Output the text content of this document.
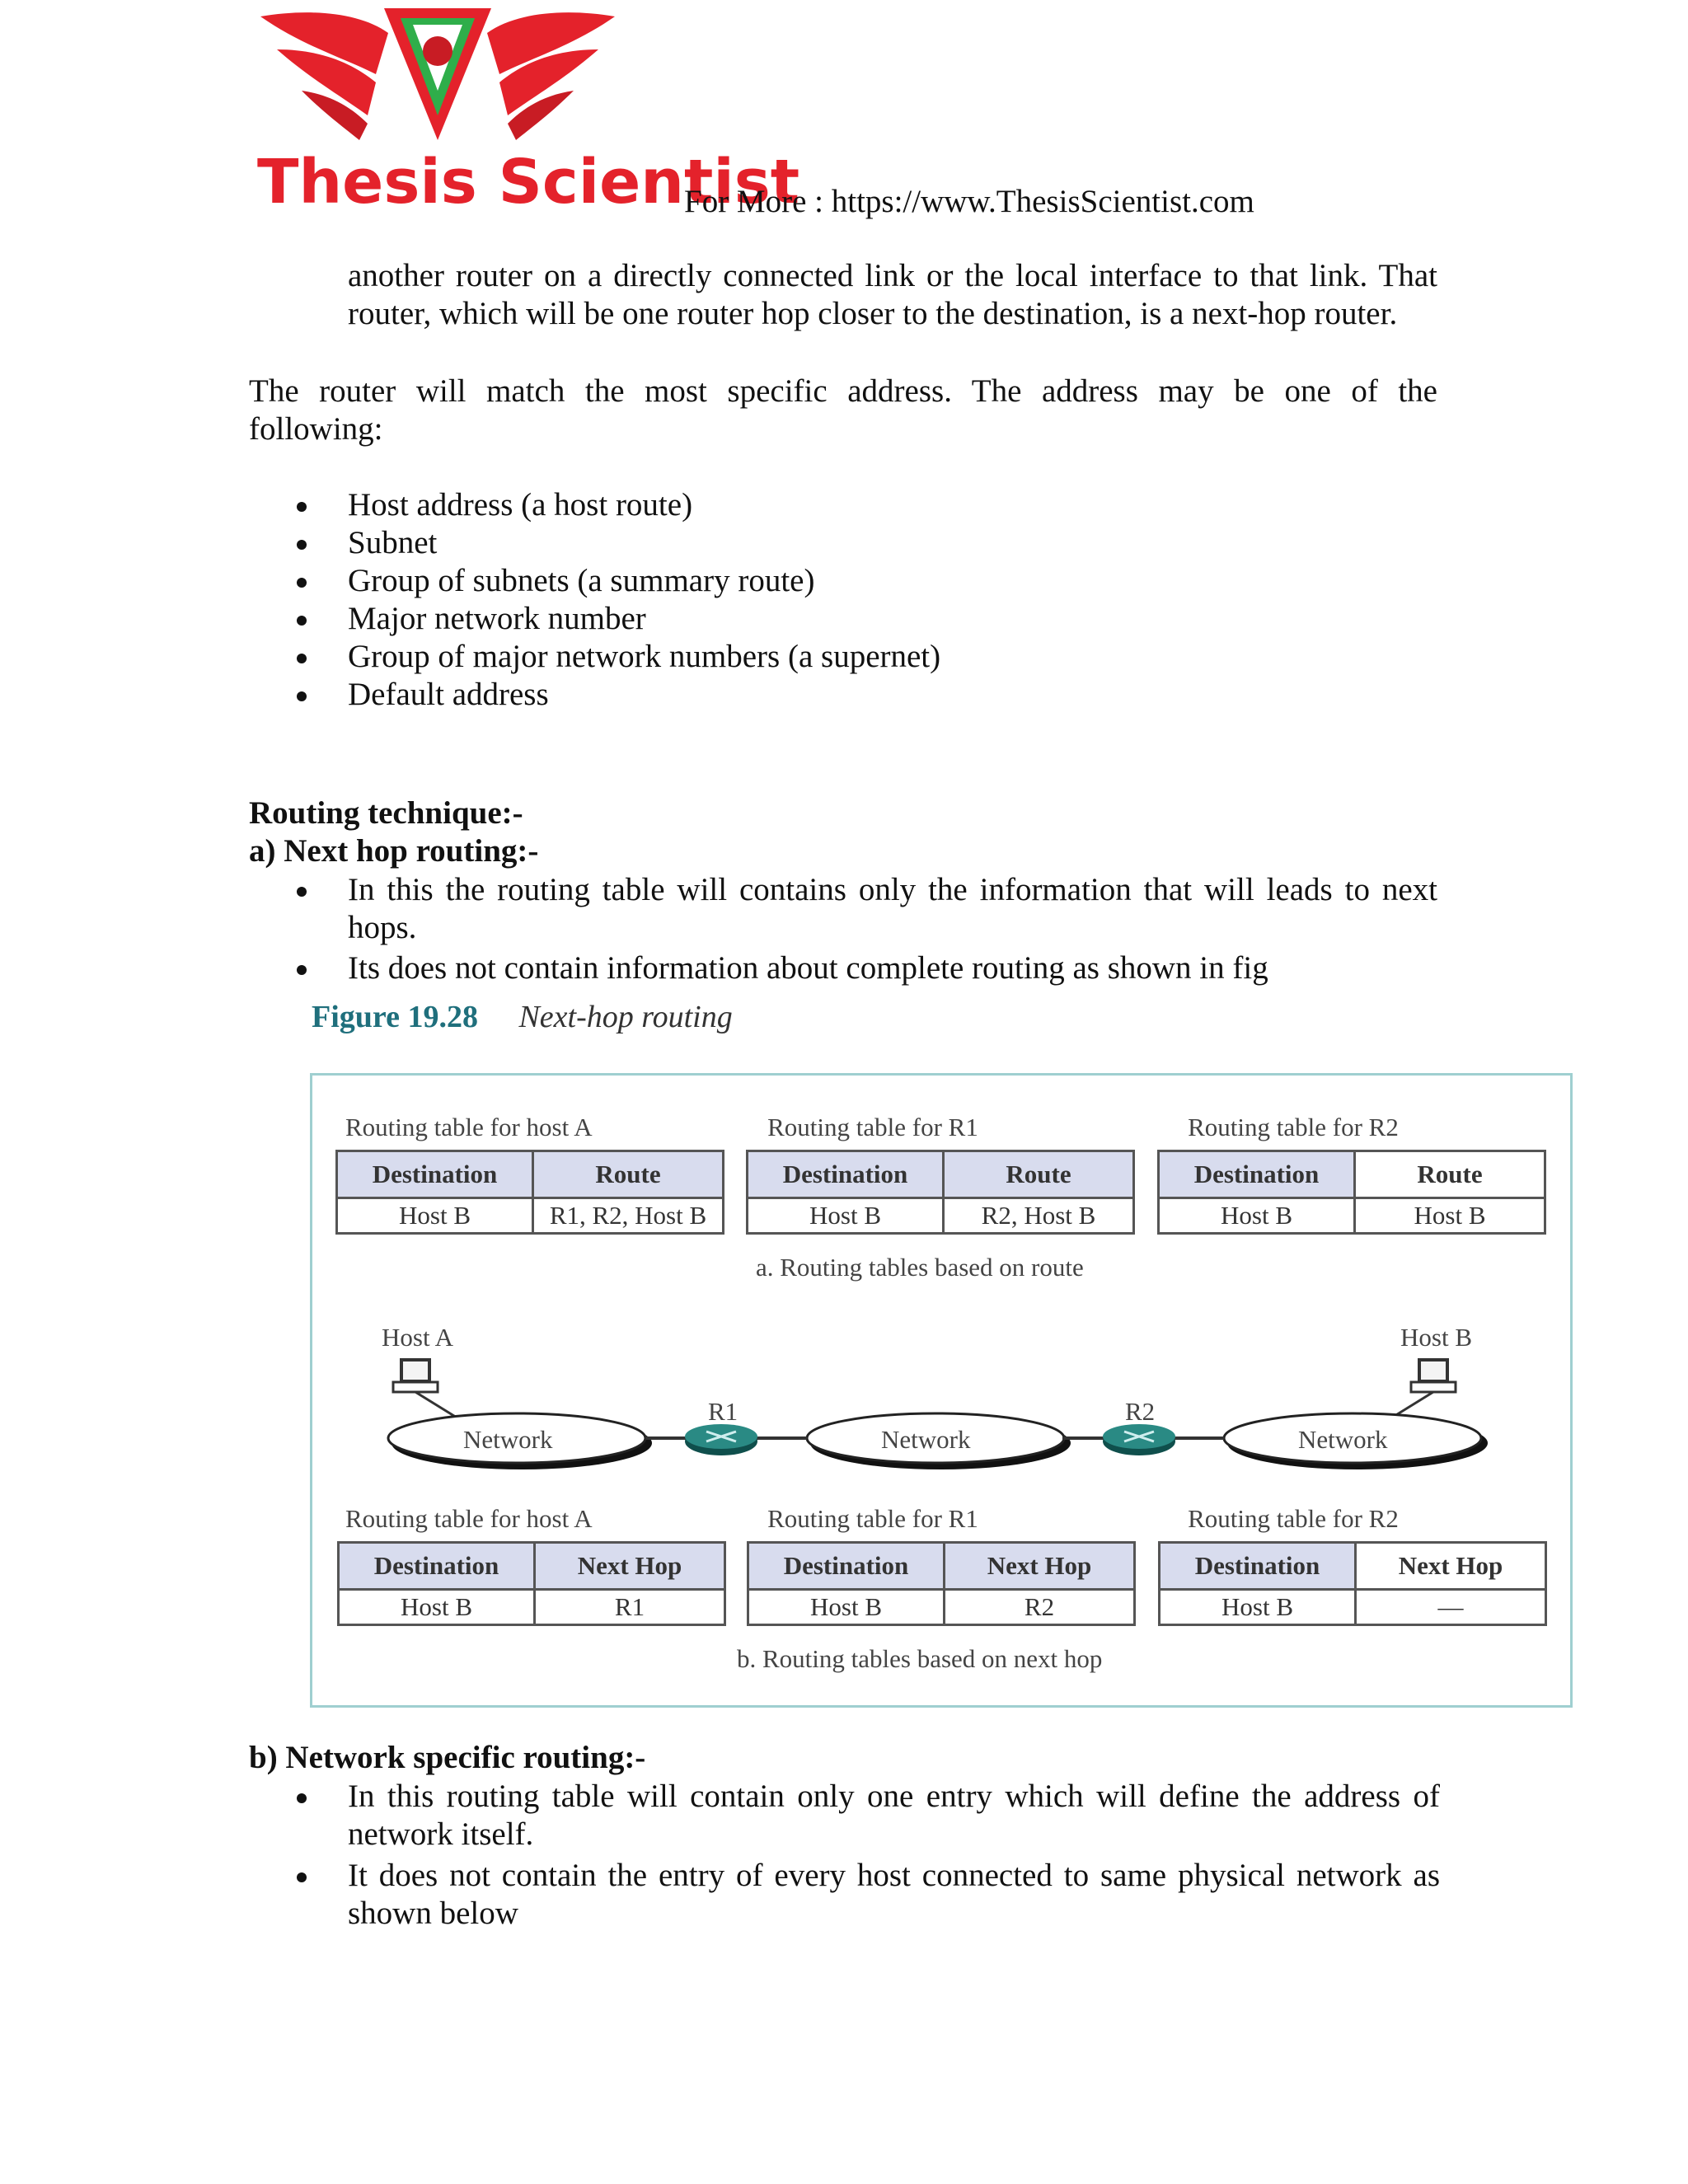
Thesis Scientist
For More : https://www.ThesisScientist.com
another router on a directly connected link or the local interface to that link. That
router, which will be one router hop closer to the destination, is a next-hop router.
The router will match the most specific address. The address may be one of the
following:
Host address (a host route)
Subnet
Group of subnets (a summary route)
Major network number
Group of major network numbers (a supernet)
Default address
Routing technique:-
a) Next hop routing:-
In this the routing table will contains only the information that will leads to next
hops.
Its does not contain information about complete routing as shown in fig
Figure 19.28 Next-hop routing
Routing table for host A
Destination	Route
Host B	R1, R2, Host B
Routing table for R1
Destination	Route
Host B	R2, Host B
Routing table for R2
Destination	Route
Host B	Host B
a. Routing tables based on route
Host A	Host B
R1	R2
Network	Network	Network
Routing table for host A
Destination	Next Hop
Host B	R1
Routing table for R1
Destination	Next Hop
Host B	R2
Routing table for R2
Destination	Next Hop
Host B	—
b. Routing tables based on next hop
b) Network specific routing:-
In this routing table will contain only one entry which will define the address of
network itself.
It does not contain the entry of every host connected to same physical network as
shown below
